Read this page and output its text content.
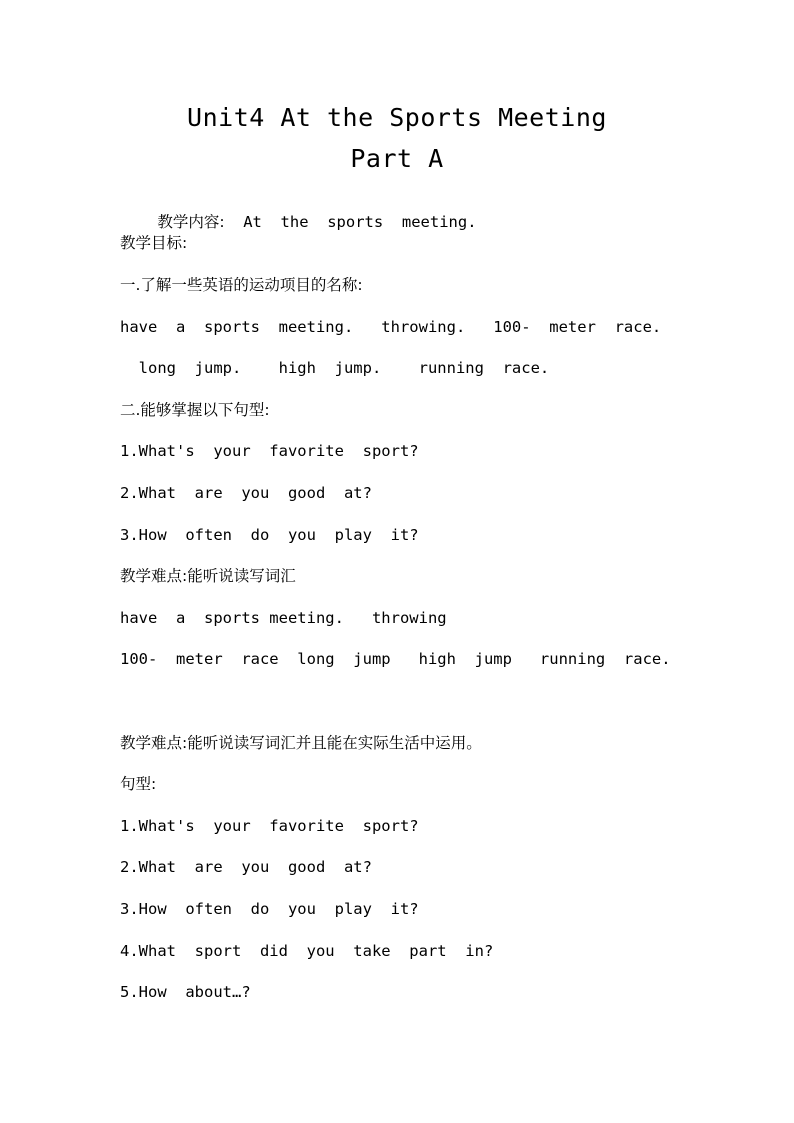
Unit4 At the Sports Meeting
Part A

教学内容:  At  the  sports  meeting.

教学目标:
一.了解一些英语的运动项目的名称:
have  a  sports  meeting.   throwing.   100-  meter  race.
long  jump.    high  jump.    running  race.
二.能够掌握以下句型:
1.What's  your  favorite  sport?
2.What  are  you  good  at?
3.How  often  do  you  play  it?
教学难点:能听说读写词汇
have  a  sports meeting.   throwing
100-  meter  race  long  jump   high  jump   running  race.
教学难点:能听说读写词汇并且能在实际生活中运用。
句型:
1.What's  your  favorite  sport?
2.What  are  you  good  at?
3.How  often  do  you  play  it?
4.What  sport  did  you  take  part  in?
5.How  about…?
